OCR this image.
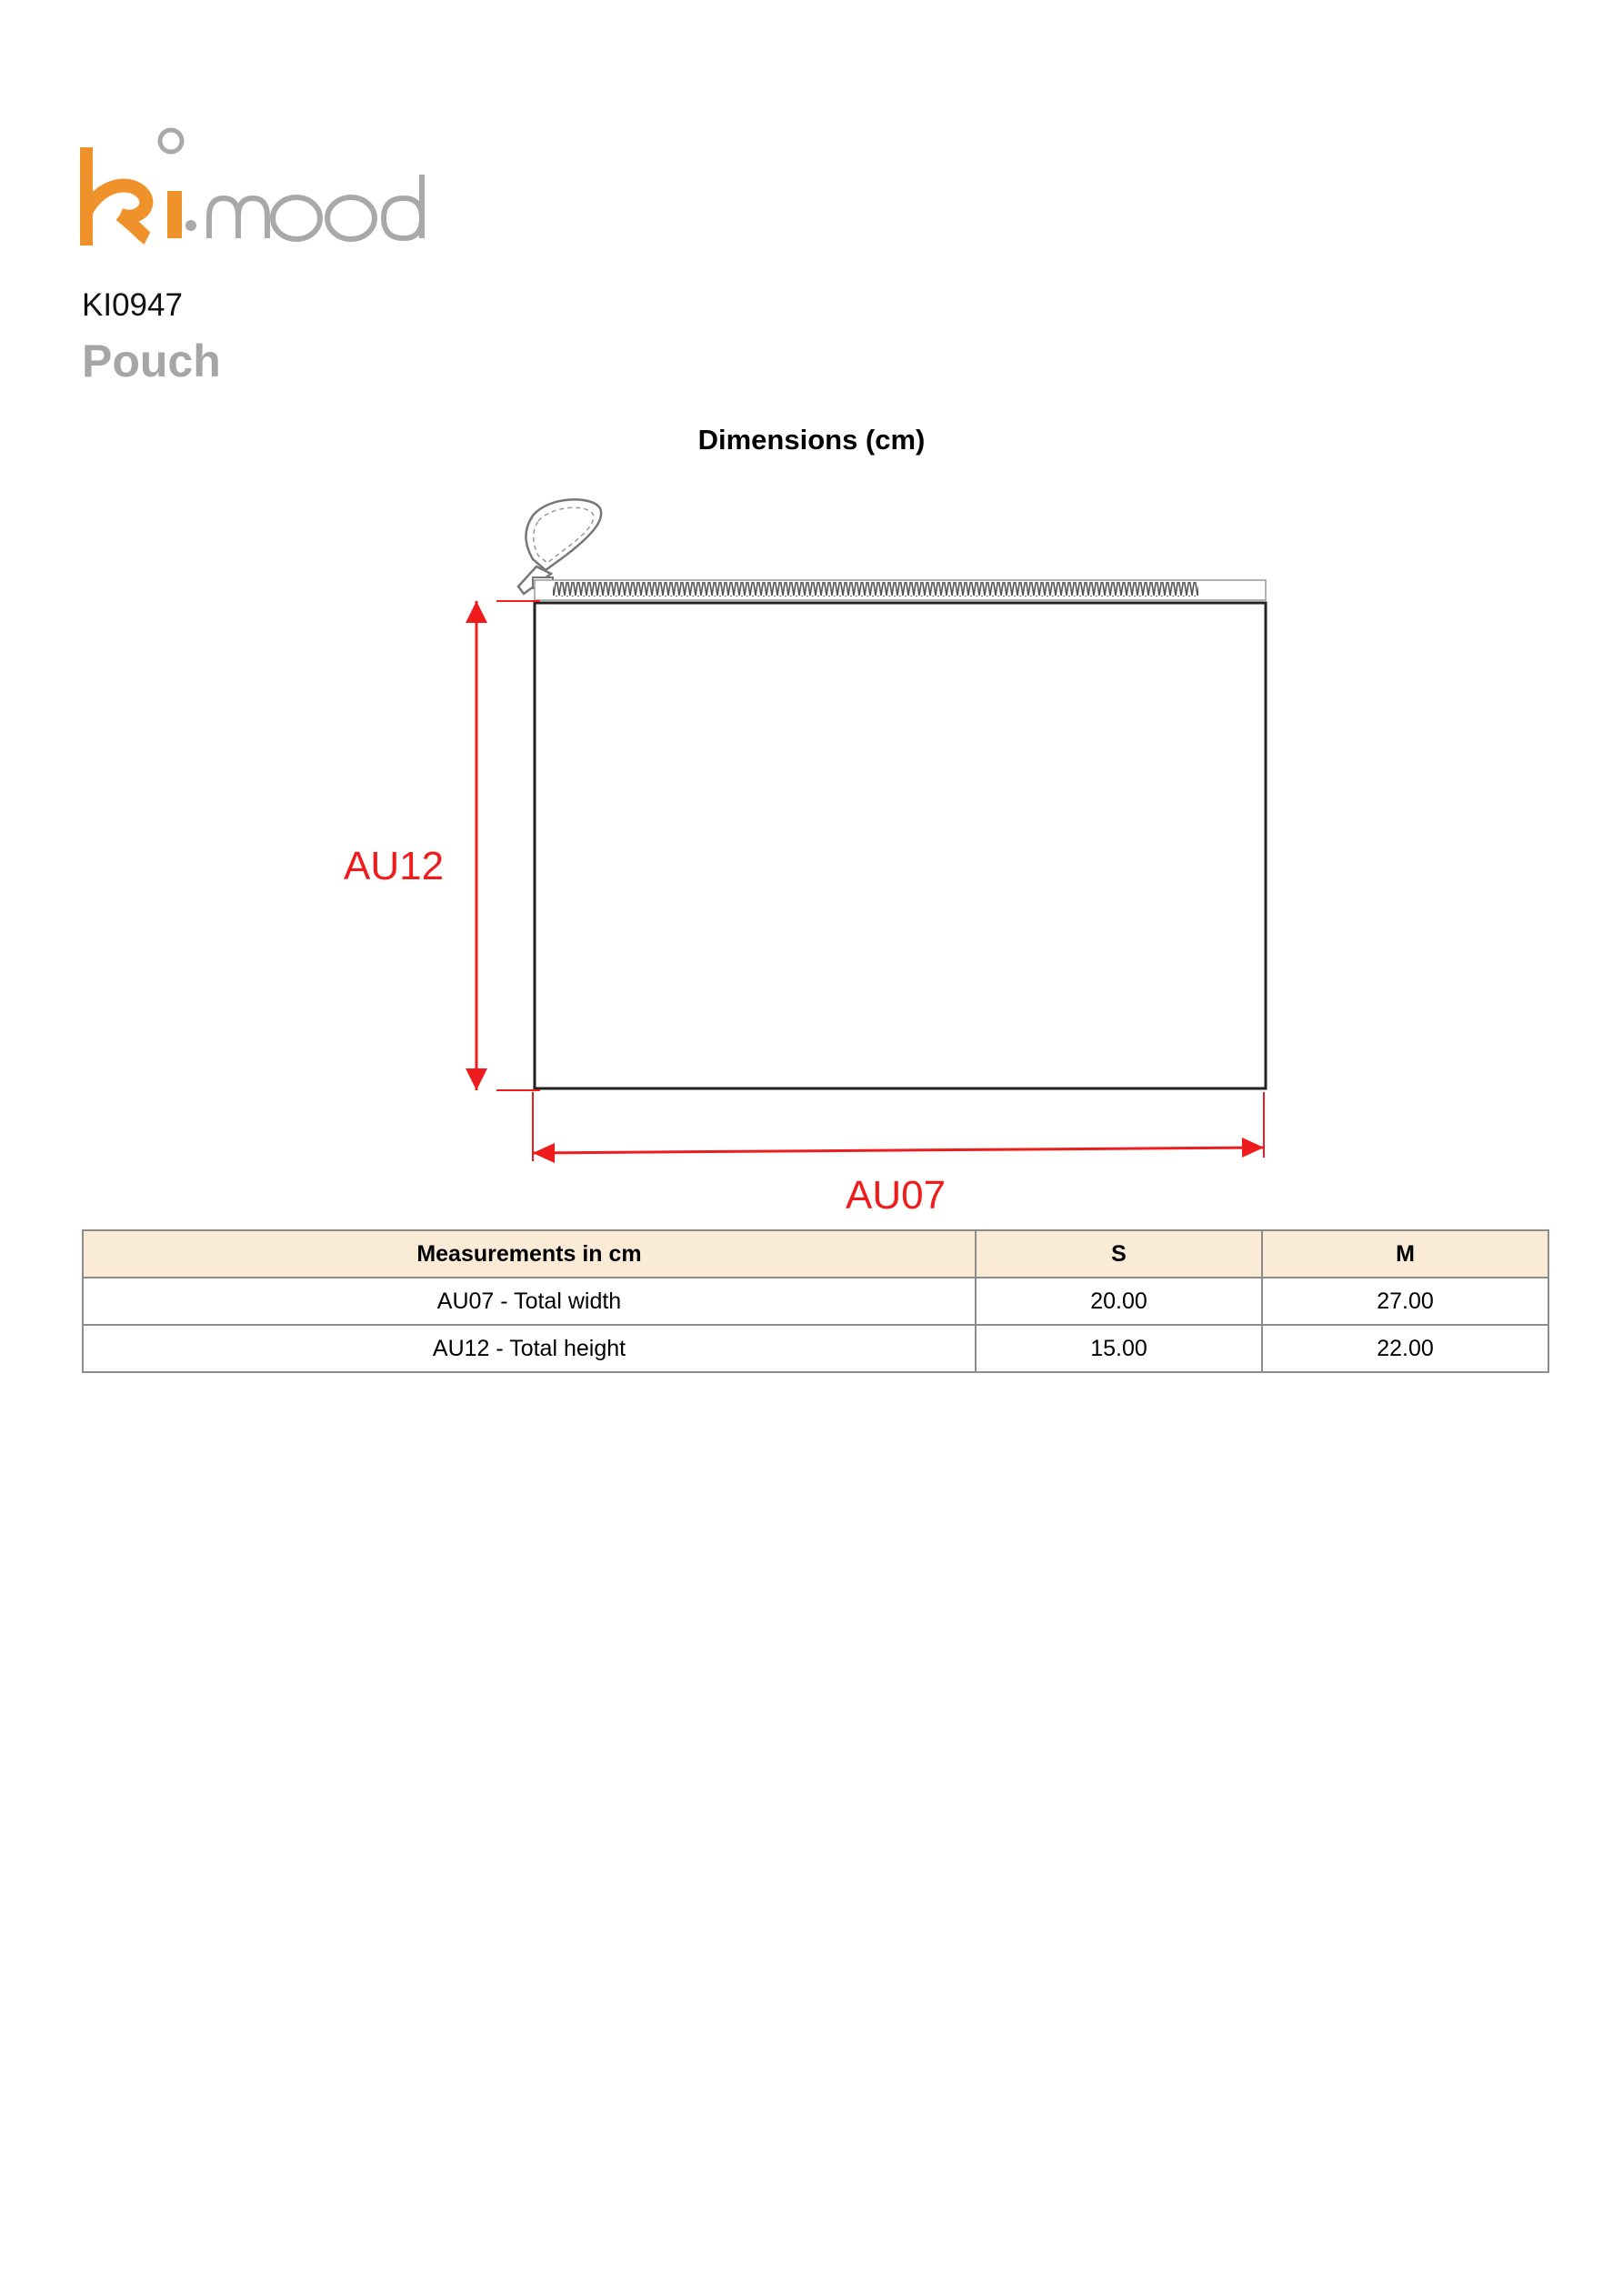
KI0947
Pouch
Dimensions (cm)
AU12
AU07
Measurements in cm	S	M
AU07 - Total width	20.00	27.00
AU12 - Total height	15.00	22.00
